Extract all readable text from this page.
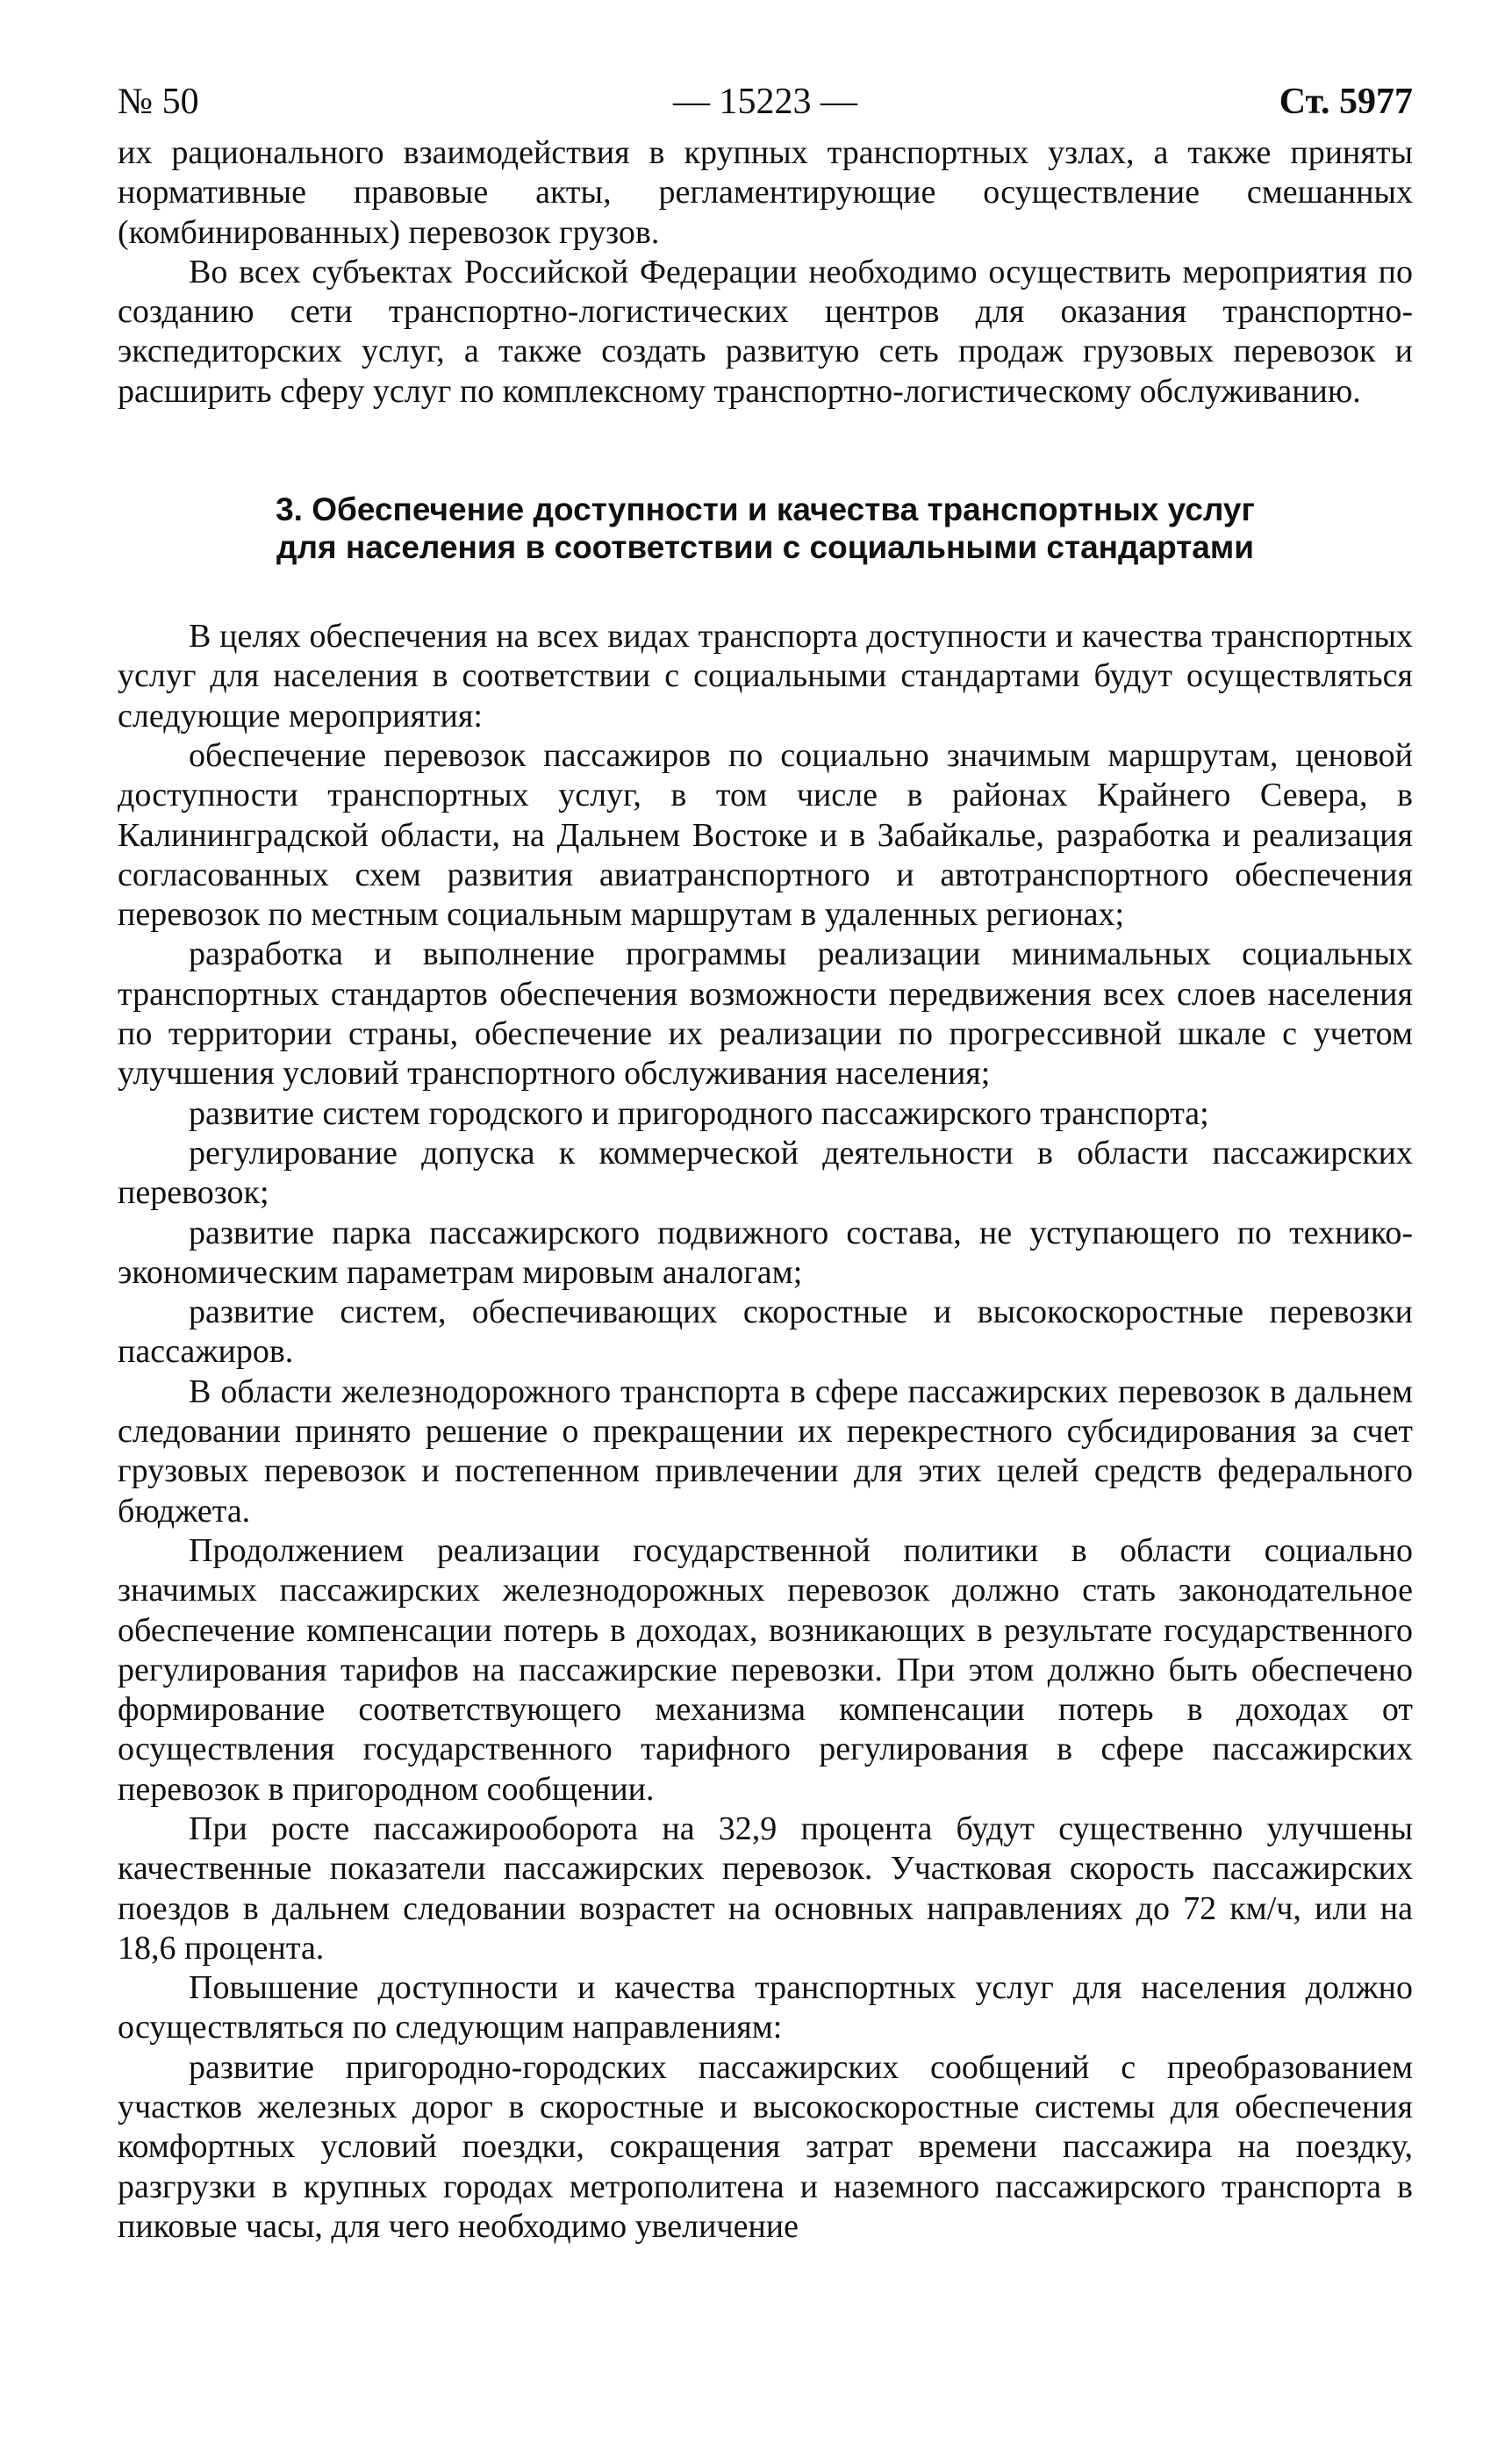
№ 50	— 15223 —	Ст. 5977

их рационального взаимодействия в крупных транспортных узлах, а также приняты нормативные правовые акты, регламентирующие осуществление смешанных (комбинированных) перевозок грузов.

Во всех субъектах Российской Федерации необходимо осуществить мероприятия по созданию сети транспортно-логистических центров для оказания транспортно-экспедиторских услуг, а также создать развитую сеть продаж грузовых перевозок и расширить сферу услуг по комплексному транспортно-логистическому обслуживанию.

3. Обеспечение доступности и качества транспортных услуг
для населения в соответствии с социальными стандартами

В целях обеспечения на всех видах транспорта доступности и качества транспортных услуг для населения в соответствии с социальными стандартами будут осуществляться следующие мероприятия:

обеспечение перевозок пассажиров по социально значимым маршрутам, ценовой доступности транспортных услуг, в том числе в районах Крайнего Севера, в Калининградской области, на Дальнем Востоке и в Забайкалье, разработка и реализация согласованных схем развития авиатранспортного и автотранспортного обеспечения перевозок по местным социальным маршрутам в удаленных регионах;

разработка и выполнение программы реализации минимальных социальных транспортных стандартов обеспечения возможности передвижения всех слоев населения по территории страны, обеспечение их реализации по прогрессивной шкале с учетом улучшения условий транспортного обслуживания населения;

развитие систем городского и пригородного пассажирского транспорта;

регулирование допуска к коммерческой деятельности в области пассажирских перевозок;

развитие парка пассажирского подвижного состава, не уступающего по технико-экономическим параметрам мировым аналогам;

развитие систем, обеспечивающих скоростные и высокоскоростные перевозки пассажиров.

В области железнодорожного транспорта в сфере пассажирских перевозок в дальнем следовании принято решение о прекращении их перекрестного субсидирования за счет грузовых перевозок и постепенном привлечении для этих целей средств федерального бюджета.

Продолжением реализации государственной политики в области социально значимых пассажирских железнодорожных перевозок должно стать законодательное обеспечение компенсации потерь в доходах, возникающих в результате государственного регулирования тарифов на пассажирские перевозки. При этом должно быть обеспечено формирование соответствующего механизма компенсации потерь в доходах от осуществления государственного тарифного регулирования в сфере пассажирских перевозок в пригородном сообщении.

При росте пассажирооборота на 32,9 процента будут существенно улучшены качественные показатели пассажирских перевозок. Участковая скорость пассажирских поездов в дальнем следовании возрастет на основных направлениях до 72 км/ч, или на 18,6 процента.

Повышение доступности и качества транспортных услуг для населения должно осуществляться по следующим направлениям:

развитие пригородно-городских пассажирских сообщений с преобразованием участков железных дорог в скоростные и высокоскоростные системы для обеспечения комфортных условий поездки, сокращения затрат времени пассажира на поездку, разгрузки в крупных городах метрополитена и наземного пассажирского транспорта в пиковые часы, для чего необходимо увеличение
